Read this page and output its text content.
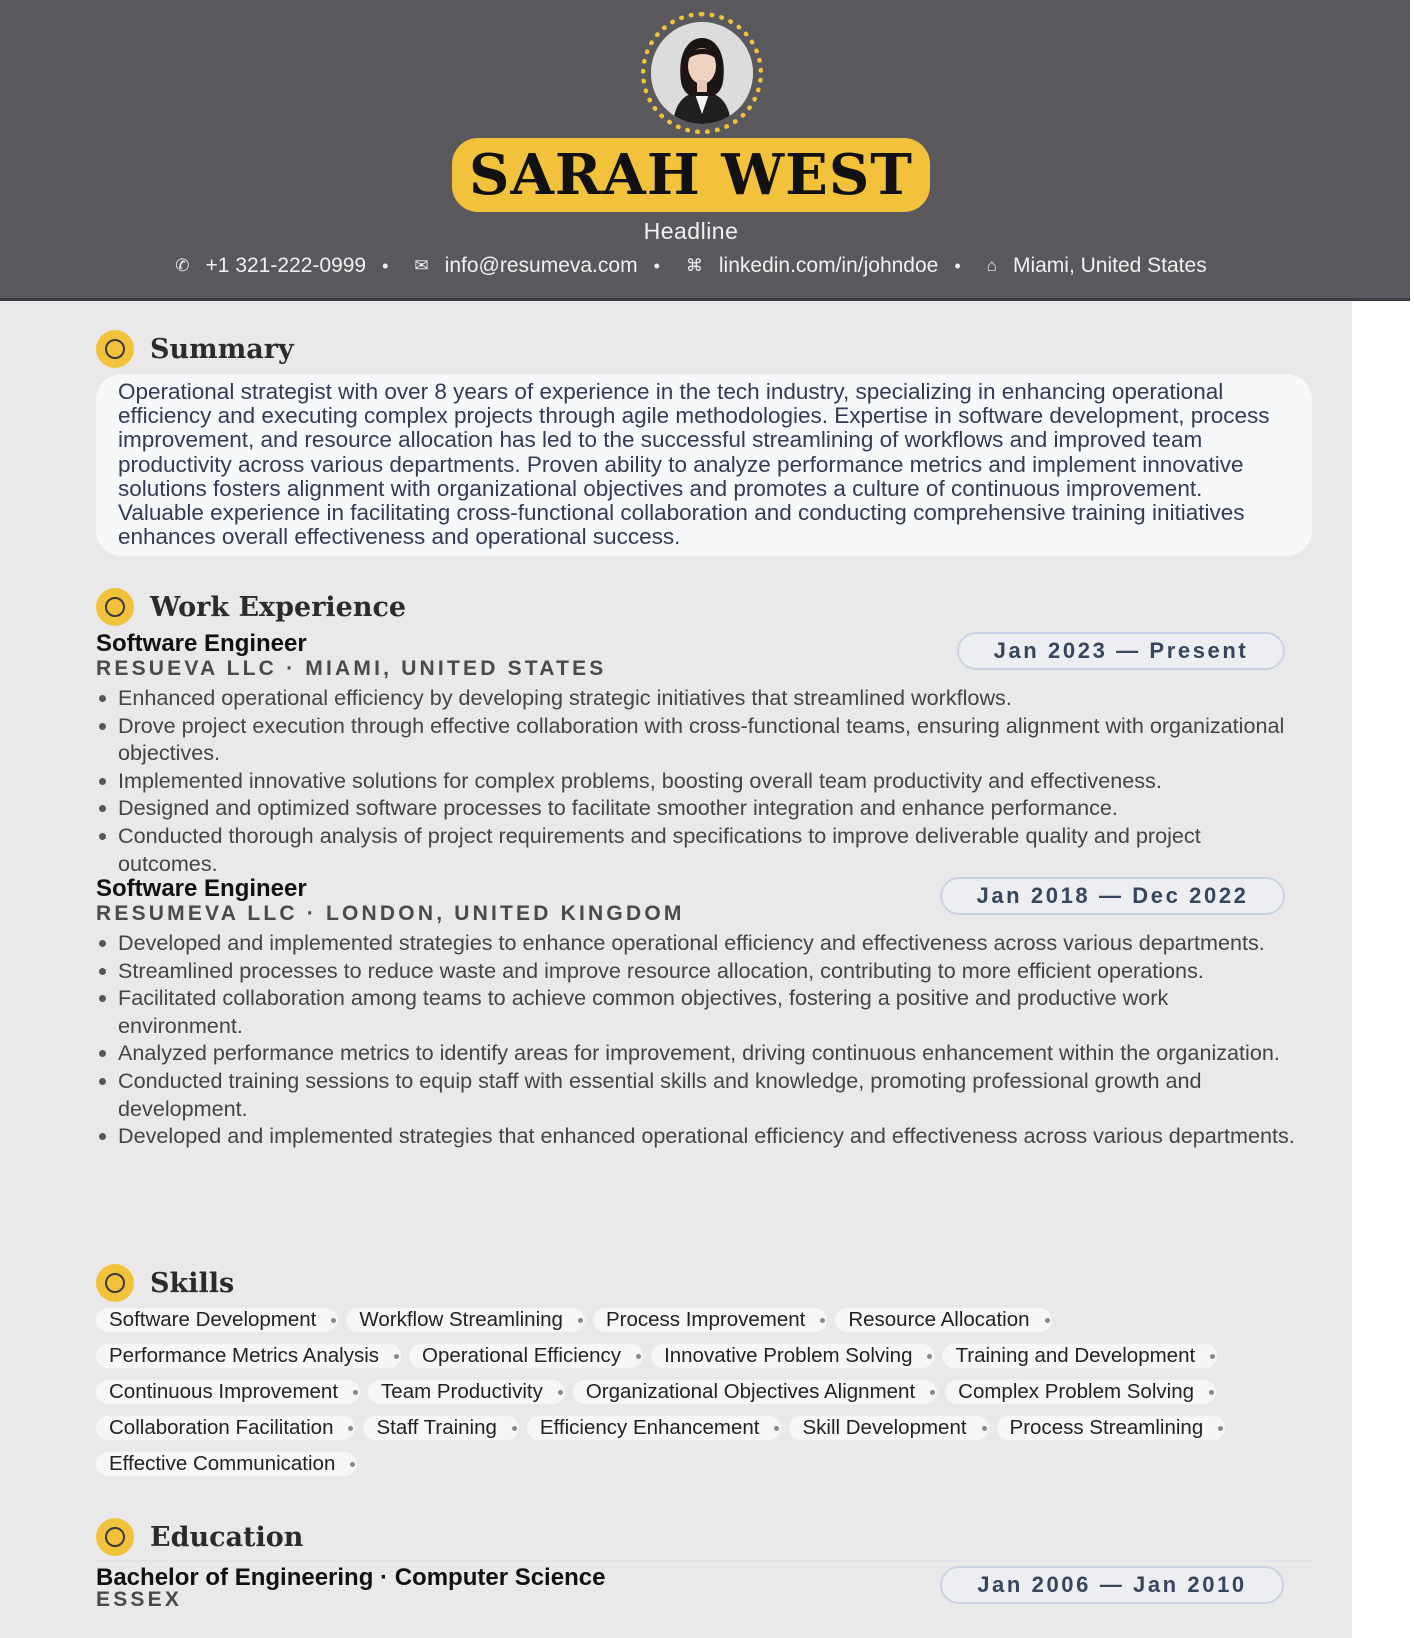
SARAH WEST
Headline
✆ +1 321-222-0999 • ✉ info@resumeva.com • ⌘ linkedin.com/in/johndoe • ⌂ Miami, United States
Summary
Operational strategist with over 8 years of experience in the tech industry, specializing in enhancing operational efficiency and executing complex projects through agile methodologies. Expertise in software development, process improvement, and resource allocation has led to the successful streamlining of workflows and improved team productivity across various departments. Proven ability to analyze performance metrics and implement innovative solutions fosters alignment with organizational objectives and promotes a culture of continuous improvement. Valuable experience in facilitating cross-functional collaboration and conducting comprehensive training initiatives enhances overall effectiveness and operational success.
Work Experience
Software Engineer
RESUEVA LLC · MIAMI, UNITED STATES
Jan 2023 — Present
Enhanced operational efficiency by developing strategic initiatives that streamlined workflows.
Drove project execution through effective collaboration with cross-functional teams, ensuring alignment with organizational objectives.
Implemented innovative solutions for complex problems, boosting overall team productivity and effectiveness.
Designed and optimized software processes to facilitate smoother integration and enhance performance.
Conducted thorough analysis of project requirements and specifications to improve deliverable quality and project outcomes.
Software Engineer
RESUMEVA LLC · LONDON, UNITED KINGDOM
Jan 2018 — Dec 2022
Developed and implemented strategies to enhance operational efficiency and effectiveness across various departments.
Streamlined processes to reduce waste and improve resource allocation, contributing to more efficient operations.
Facilitated collaboration among teams to achieve common objectives, fostering a positive and productive work environment.
Analyzed performance metrics to identify areas for improvement, driving continuous enhancement within the organization.
Conducted training sessions to equip staff with essential skills and knowledge, promoting professional growth and development.
Developed and implemented strategies that enhanced operational efficiency and effectiveness across various departments.
Skills
Software Development Workflow Streamlining Process Improvement Resource Allocation
Performance Metrics Analysis Operational Efficiency Innovative Problem Solving Training and Development
Continuous Improvement Team Productivity Organizational Objectives Alignment Complex Problem Solving
Collaboration Facilitation Staff Training Efficiency Enhancement Skill Development Process Streamlining
Effective Communication
Education
Bachelor of Engineering · Computer Science
ESSEX
Jan 2006 — Jan 2010
